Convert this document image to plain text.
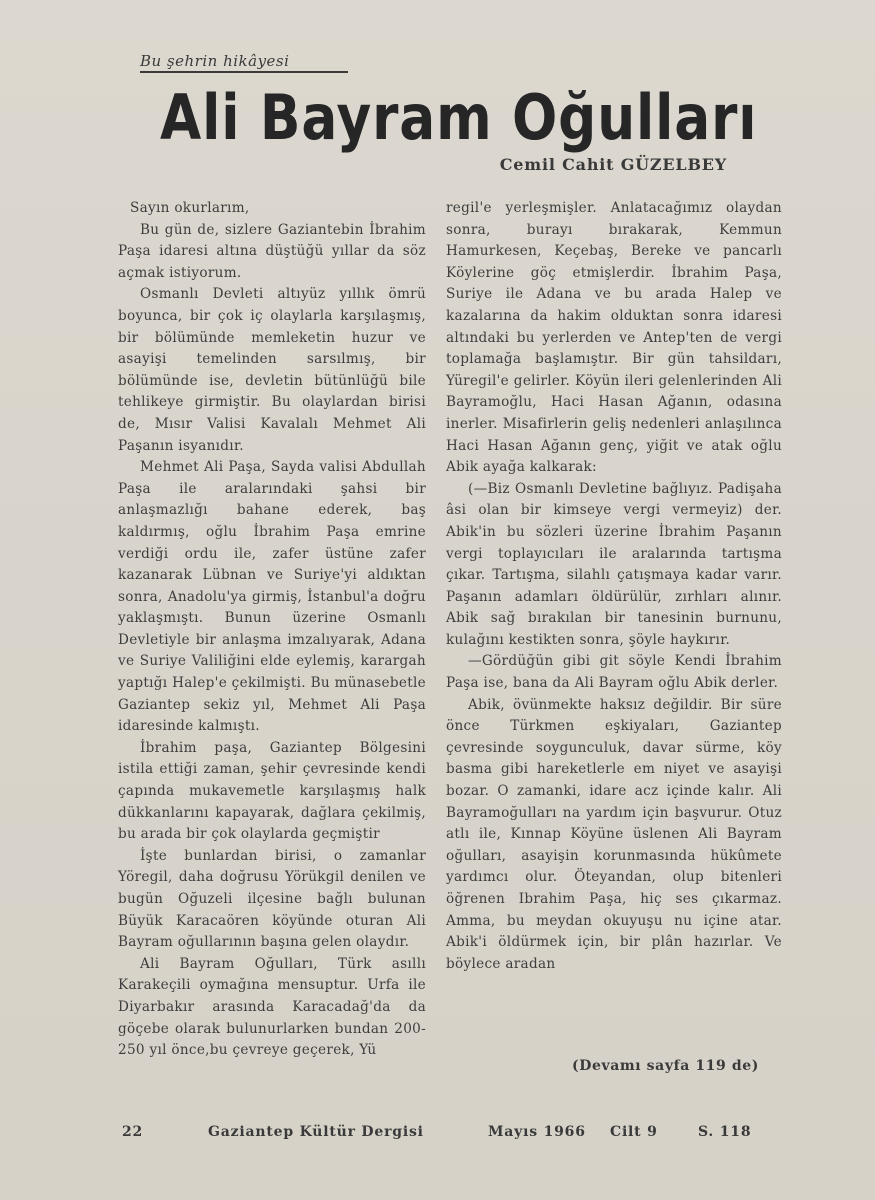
Bu şehrin hikâyesi
Ali Bayram Oğulları
Cemil Cahit GÜZELBEY

Sayın okurlarım,

Bu gün de, sizlere Gaziantebin İbrahim Paşa idaresi altına düştüğü yıllar da söz açmak istiyorum.

Osmanlı Devleti altıyüz yıllık ömrü boyunca, bir çok iç olaylarla karşılaşmış, bir bölümünde memleketin huzur ve asayişi temelinden sarsılmış, bir bölümünde ise, devletin bütünlüğü bile tehlikeye girmiştir. Bu olaylardan birisi de, Mısır Valisi Kavalalı Mehmet Ali Paşanın isyanıdır.

Mehmet Ali Paşa, Sayda valisi Abdullah Paşa ile aralarındaki şahsi bir anlaşmazlığı bahane ederek, baş kaldırmış, oğlu İbrahim Paşa emrine verdiği ordu ile, zafer üstüne zafer kazanarak Lübnan ve Suriye'yi aldıktan sonra, Anadolu'ya girmiş, İstanbul'a doğru yaklaşmıştı. Bunun üzerine Osmanlı Devletiyle bir anlaşma imzalıyarak, Adana ve Suriye Valiliğini elde eylemiş, karargah yaptığı Halep'e çekilmişti. Bu münasebetle Gaziantep sekiz yıl, Mehmet Ali Paşa idaresinde kalmıştı.

İbrahim paşa, Gaziantep Bölgesini istila ettiği zaman, şehir çevresinde kendi çapında mukavemetle karşılaşmış halk dükkanlarını kapayarak, dağlara çekilmiş, bu arada bir çok olaylarda geçmiştir

İşte bunlardan birisi, o zamanlar Yöregil, daha doğrusu Yörükgil denilen ve bugün Oğuzeli ilçesine bağlı bulunan Büyük Karacaören köyünde oturan Ali Bayram oğullarının başına gelen olaydır.

Ali Bayram Oğulları, Türk asıllı Karakeçili oymağına mensuptur. Urfa ile Diyarbakır arasında Karacadağ'da da göçebe olarak bulunurlarken bundan 200-250 yıl önce,bu çevreye geçerek, Yü

regil'e yerleşmişler. Anlatacağımız olaydan sonra, burayı bırakarak, Kemmun Hamurkesen, Keçebaş, Bereke ve pancarlı Köylerine göç etmişlerdir. İbrahim Paşa, Suriye ile Adana ve bu arada Halep ve kazalarına da hakim olduktan sonra idaresi altındaki bu yerlerden ve Antep'ten de vergi toplamağa başlamıştır. Bir gün tahsildarı, Yüregil'e gelirler. Köyün ileri gelenlerinden Ali Bayramoğlu, Haci Hasan Ağanın, odasına inerler. Misafirlerin geliş nedenleri anlaşılınca Haci Hasan Ağanın genç, yiğit ve atak oğlu Abik ayağa kalkarak:

(—Biz Osmanlı Devletine bağlıyız. Padişaha âsi olan bir kimseye vergi vermeyiz) der. Abik'in bu sözleri üzerine İbrahim Paşanın vergi toplayıcıları ile aralarında tartışma çıkar. Tartışma, silahlı çatışmaya kadar varır. Paşanın adamları öldürülür, zırhları alınır. Abik sağ bırakılan bir tanesinin burnunu, kulağını kestikten sonra, şöyle haykırır.

—Gördüğün gibi git söyle Kendi İbrahim Paşa ise, bana da Ali Bayram oğlu Abik derler.

Abik, övünmekte haksız değildir. Bir süre önce Türkmen eşkiyaları, Gaziantep çevresinde soygunculuk, davar sürme, köy basma gibi hareketlerle em niyet ve asayişi bozar. O zamanki, idare acz içinde kalır. Ali Bayramoğulları na yardım için başvurur. Otuz atlı ile, Kınnap Köyüne üslenen Ali Bayram oğulları, asayişin korunmasında hükûmete yardımcı olur. Öteyandan, olup bitenleri öğrenen Ibrahim Paşa, hiç ses çıkarmaz. Amma, bu meydan okuyuşu nu içine atar. Abik'i öldürmek için, bir plân hazırlar. Ve böylece aradan

(Devamı sayfa 119 de)
22	Gaziantep Kültür Dergisi	Mayıs 1966 Cilt 9	S. 118
